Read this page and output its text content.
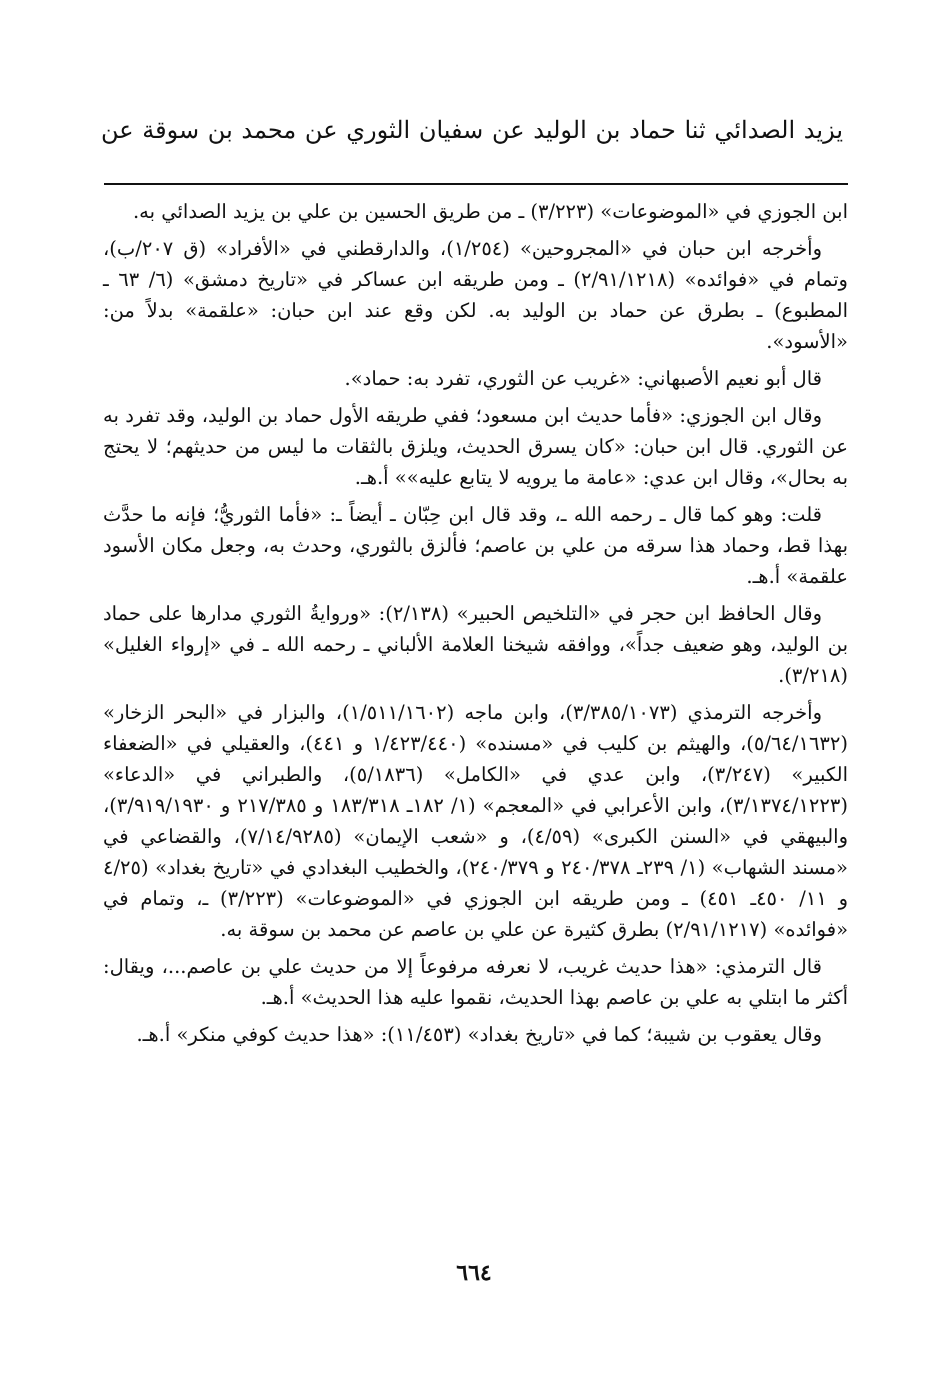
يزيد الصدائي ثنا حماد بن الوليد عن سفيان الثوري عن محمد بن سوقة عن

ابن الجوزي في «الموضوعات» (٣/٢٢٣) ـ من طريق الحسين بن علي بن يزيد الصدائي به.

وأخرجه ابن حبان في «المجروحين» (١/٢٥٤)، والدارقطني في «الأفراد» (ق ٢٠٧/ب)، وتمام في «فوائده» (٢/٩١/١٢١٨) ـ ومن طريقه ابن عساكر في «تاريخ دمشق» (٦/ ٦٣ ـ المطبوع) ـ بطرق عن حماد بن الوليد به. لكن وقع عند ابن حبان: «علقمة» بدلاً من: «الأسود».

قال أبو نعيم الأصبهاني: «غريب عن الثوري، تفرد به: حماد».

وقال ابن الجوزي: «فأما حديث ابن مسعود؛ ففي طريقه الأول حماد بن الوليد، وقد تفرد به عن الثوري. قال ابن حبان: «كان يسرق الحديث، ويلزق بالثقات ما ليس من حديثهم؛ لا يحتج به بحال»، وقال ابن عدي: «عامة ما يرويه لا يتابع عليه»» أ.هـ.

قلت: وهو كما قال ـ رحمه الله ـ، وقد قال ابن حِبّان ـ أيضاً ـ: «فأما الثوريُّ؛ فإنه ما حدَّث بهذا قط، وحماد هذا سرقه من علي بن عاصم؛ فألزق بالثوري، وحدث به، وجعل مكان الأسود علقمة» أ.هـ.

وقال الحافظ ابن حجر في «التلخيص الحبير» (٢/١٣٨): «وروايةُ الثوري مدارها على حماد بن الوليد، وهو ضعيف جداً»، ووافقه شيخنا العلامة الألباني ـ رحمه الله ـ في «إرواء الغليل» (٣/٢١٨).

وأخرجه الترمذي (٣/٣٨٥/١٠٧٣)، وابن ماجه (١/٥١١/١٦٠٢)، والبزار في «البحر الزخار» (٥/٦٤/١٦٣٢)، والهيثم بن كليب في «مسنده» (١/٤٢٣/٤٤٠ و ٤٤١)، والعقيلي في «الضعفاء الكبير» (٣/٢٤٧)، وابن عدي في «الكامل» (٥/١٨٣٦)، والطبراني في «الدعاء» (٣/١٣٧٤/١٢٢٣)، وابن الأعرابي في «المعجم» (١/ ١٨٢ـ ١٨٣/٣١٨ و ٢١٧/٣٨٥ و ٣/٩١٩/١٩٣٠)، والبيهقي في «السنن الكبرى» (٤/٥٩)، و «شعب الإيمان» (٧/١٤/٩٢٨٥)، والقضاعي في «مسند الشهاب» (١/ ٢٣٩ـ ٢٤٠/٣٧٨ و ٢٤٠/٣٧٩)، والخطيب البغدادي في «تاريخ بغداد» (٤/٢٥ و ١١/ ٤٥٠ـ ٤٥١) ـ ومن طريقه ابن الجوزي في «الموضوعات» (٣/٢٢٣) ـ، وتمام في «فوائده» (٢/٩١/١٢١٧) بطرق كثيرة عن علي بن عاصم عن محمد بن سوقة به.

قال الترمذي: «هذا حديث غريب، لا نعرفه مرفوعاً إلا من حديث علي بن عاصم...، ويقال: أكثر ما ابتلي به علي بن عاصم بهذا الحديث، نقموا عليه هذا الحديث» أ.هـ.

وقال يعقوب بن شيبة؛ كما في «تاريخ بغداد» (١١/٤٥٣): «هذا حديث كوفي منكر» أ.هـ.

٦٦٤
